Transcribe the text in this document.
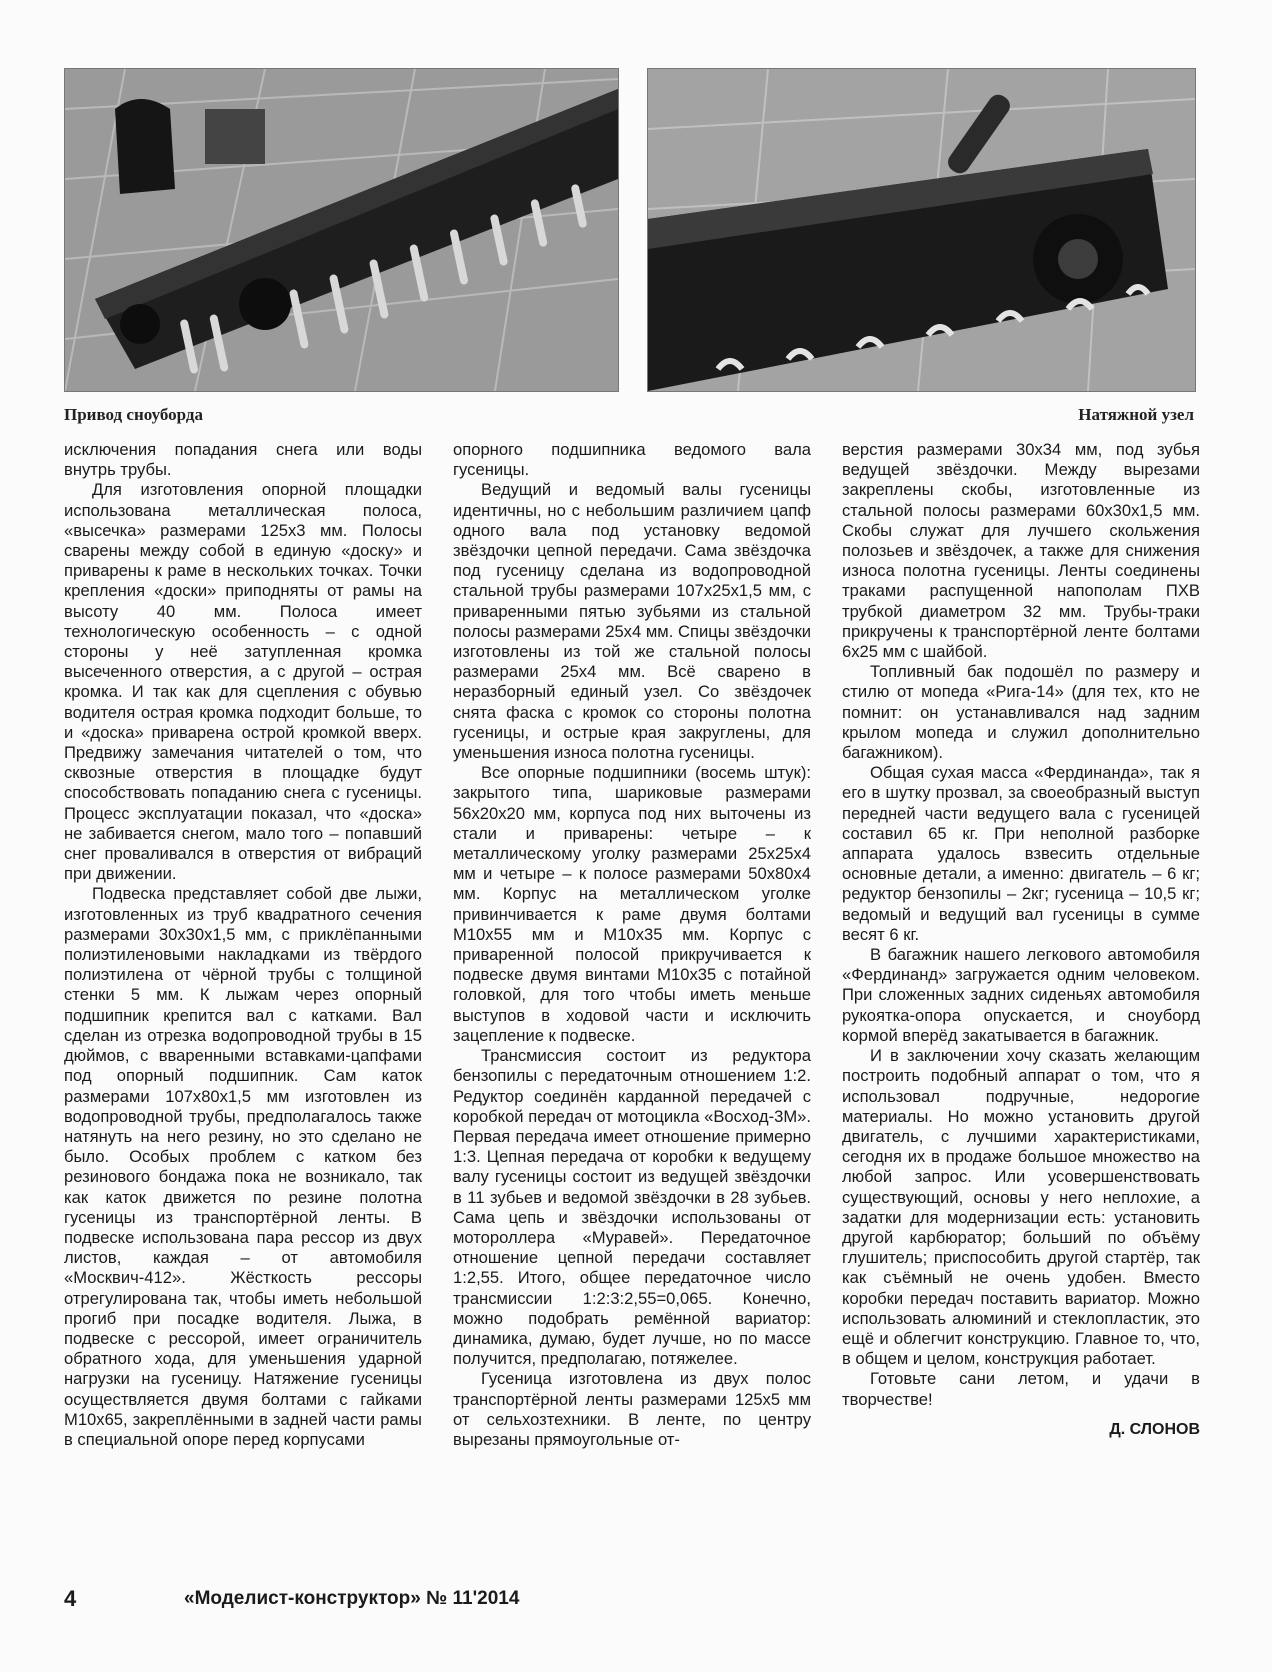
Привод сноуборда	Натяжной узел

исключения попадания снега или воды внутрь трубы.

Для изготовления опорной площадки использована металлическая полоса, «высечка» размерами 125х3 мм. Полосы сварены между собой в единую «доску» и приварены к раме в нескольких точках. Точки крепления «доски» приподняты от рамы на высоту 40 мм. Полоса имеет технологическую особенность – с одной стороны у неё затупленная кромка высеченного отверстия, а с другой – острая кромка. И так как для сцепления с обувью водителя острая кромка подходит больше, то и «доска» приварена острой кромкой вверх. Предвижу замечания читателей о том, что сквозные отверстия в площадке будут способствовать попаданию снега с гусеницы. Процесс эксплуатации показал, что «доска» не забивается снегом, мало того – попавший снег проваливался в отверстия от вибраций при движении.

Подвеска представляет собой две лыжи, изготовленных из труб квадратного сечения размерами 30х30х1,5 мм, с приклёпанными полиэтиленовыми накладками из твёрдого полиэтилена от чёрной трубы с толщиной стенки 5 мм. К лыжам через опорный подшипник крепится вал с катками. Вал сделан из отрезка водопроводной трубы в 15 дюймов, с вваренными вставками-цапфами под опорный подшипник. Сам каток размерами 107х80х1,5 мм изготовлен из водопроводной трубы, предполагалось также натянуть на него резину, но это сделано не было. Особых проблем с катком без резинового бондажа пока не возникало, так как каток движется по резине полотна гусеницы из транспортёрной ленты. В подвеске использована пара рессор из двух листов, каждая – от автомобиля «Москвич-412». Жёсткость рессоры отрегулирована так, чтобы иметь небольшой прогиб при посадке водителя. Лыжа, в подвеске с рессорой, имеет ограничитель обратного хода, для уменьшения ударной нагрузки на гусеницу. Натяжение гусеницы осуществляется двумя болтами с гайками М10х65, закреплёнными в задней части рамы в специальной опоре перед корпусами

опорного подшипника ведомого вала гусеницы.

Ведущий и ведомый валы гусеницы идентичны, но с небольшим различием цапф одного вала под установку ведомой звёздочки цепной передачи. Сама звёздочка под гусеницу сделана из водопроводной стальной трубы размерами 107х25х1,5 мм, с приваренными пятью зубьями из стальной полосы размерами 25х4 мм. Спицы звёздочки изготовлены из той же стальной полосы размерами 25х4 мм. Всё сварено в неразборный единый узел. Со звёздочек снята фаска с кромок со стороны полотна гусеницы, и острые края закруглены, для уменьшения износа полотна гусеницы.

Все опорные подшипники (восемь штук): закрытого типа, шариковые размерами 56х20х20 мм, корпуса под них выточены из стали и приварены: четыре – к металлическому уголку размерами 25х25х4 мм и четыре – к полосе размерами 50х80х4 мм. Корпус на металлическом уголке привинчивается к раме двумя болтами М10х55 мм и М10х35 мм. Корпус с приваренной полосой прикручивается к подвеске двумя винтами М10х35 с потайной головкой, для того чтобы иметь меньше выступов в ходовой части и исключить зацепление к подвеске.

Трансмиссия состоит из редуктора бензопилы с передаточным отношением 1:2. Редуктор соединён карданной передачей с коробкой передач от мотоцикла «Восход-3М». Первая передача имеет отношение примерно 1:3. Цепная передача от коробки к ведущему валу гусеницы состоит из ведущей звёздочки в 11 зубьев и ведомой звёздочки в 28 зубьев. Сама цепь и звёздочки использованы от мотороллера «Муравей». Передаточное отношение цепной передачи составляет 1:2,55. Итого, общее передаточное число трансмиссии 1:2:3:2,55=0,065. Конечно, можно подобрать ремённой вариатор: динамика, думаю, будет лучше, но по массе получится, предполагаю, потяжелее.

Гусеница изготовлена из двух полос транспортёрной ленты размерами 125х5 мм от сельхозтехники. В ленте, по центру вырезаны прямоугольные от-

верстия размерами 30х34 мм, под зубья ведущей звёздочки. Между вырезами закреплены скобы, изготовленные из стальной полосы размерами 60х30х1,5 мм. Скобы служат для лучшего скольжения полозьев и звёздочек, а также для снижения износа полотна гусеницы. Ленты соединены траками распущенной напополам ПХВ трубкой диаметром 32 мм. Трубы-траки прикручены к транспортёрной ленте болтами 6х25 мм с шайбой.

Топливный бак подошёл по размеру и стилю от мопеда «Рига-14» (для тех, кто не помнит: он устанавливался над задним крылом мопеда и служил дополнительно багажником).

Общая сухая масса «Фердинанда», так я его в шутку прозвал, за своеобразный выступ передней части ведущего вала с гусеницей составил 65 кг. При неполной разборке аппарата удалось взвесить отдельные основные детали, а именно: двигатель – 6 кг; редуктор бензопилы – 2кг; гусеница – 10,5 кг; ведомый и ведущий вал гусеницы в сумме весят 6 кг.

В багажник нашего легкового автомобиля «Фердинанд» загружается одним человеком. При сложенных задних сиденьях автомобиля рукоятка-опора опускается, и сноуборд кормой вперёд закатывается в багажник.

И в заключении хочу сказать желающим построить подобный аппарат о том, что я использовал подручные, недорогие материалы. Но можно установить другой двигатель, с лучшими характеристиками, сегодня их в продаже большое множество на любой запрос. Или усовершенствовать существующий, основы у него неплохие, а задатки для модернизации есть: установить другой карбюратор; больший по объёму глушитель; приспособить другой стартёр, так как съёмный не очень удобен. Вместо коробки передач поставить вариатор. Можно использовать алюминий и стеклопластик, это ещё и облегчит конструкцию. Главное то, что, в общем и целом, конструкция работает.

Готовьте сани летом, и удачи в творчестве!

Д. СЛОНОВ
4	«Моделист-конструктор» № 11'2014
